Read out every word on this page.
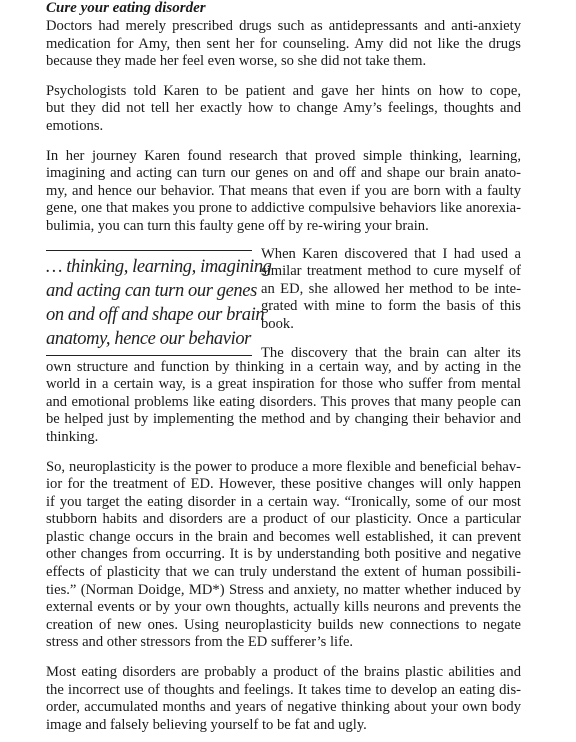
Cure your eating disorder
Doctors had merely prescribed drugs such as antidepressants and anti-anxiety
medication for Amy, then sent her for counseling. Amy did not like the drugs
because they made her feel even worse, so she did not take them.
Psychologists told Karen to be patient and gave her hints on how to cope,
but they did not tell her exactly how to change Amy’s feelings, thoughts and
emotions.
In her journey Karen found research that proved simple thinking, learning,
imagining and acting can turn our genes on and off and shape our brain anato-
my, and hence our behavior. That means that even if you are born with a faulty
gene, one that makes you prone to addictive compulsive behaviors like anorexia-
bulimia, you can turn this faulty gene off by re-wiring your brain.
… thinking, learning, imagining
and acting can turn our genes
on and off and shape our brain
anatomy, hence our behavior
When Karen discovered that I had used a
similar treatment method to cure myself of
an ED, she allowed her method to be inte-
grated with mine to form the basis of this
book.
The discovery that the brain can alter its
own structure and function by thinking in a certain way, and by acting in the
world in a certain way, is a great inspiration for those who suffer from mental
and emotional problems like eating disorders. This proves that many people can
be helped just by implementing the method and by changing their behavior and
thinking.
So, neuroplasticity is the power to produce a more flexible and beneficial behav-
ior for the treatment of ED. However, these positive changes will only happen
if you target the eating disorder in a certain way. “Ironically, some of our most
stubborn habits and disorders are a product of our plasticity. Once a particular
plastic change occurs in the brain and becomes well established, it can prevent
other changes from occurring. It is by understanding both positive and negative
effects of plasticity that we can truly understand the extent of human possibili-
ties.” (Norman Doidge, MD*) Stress and anxiety, no matter whether induced by
external events or by your own thoughts, actually kills neurons and prevents the
creation of new ones. Using neuroplasticity builds new connections to negate
stress and other stressors from the ED sufferer’s life.
Most eating disorders are probably a product of the brains plastic abilities and
the incorrect use of thoughts and feelings. It takes time to develop an eating dis-
order, accumulated months and years of negative thinking about your own body
image and falsely believing yourself to be fat and ugly.
